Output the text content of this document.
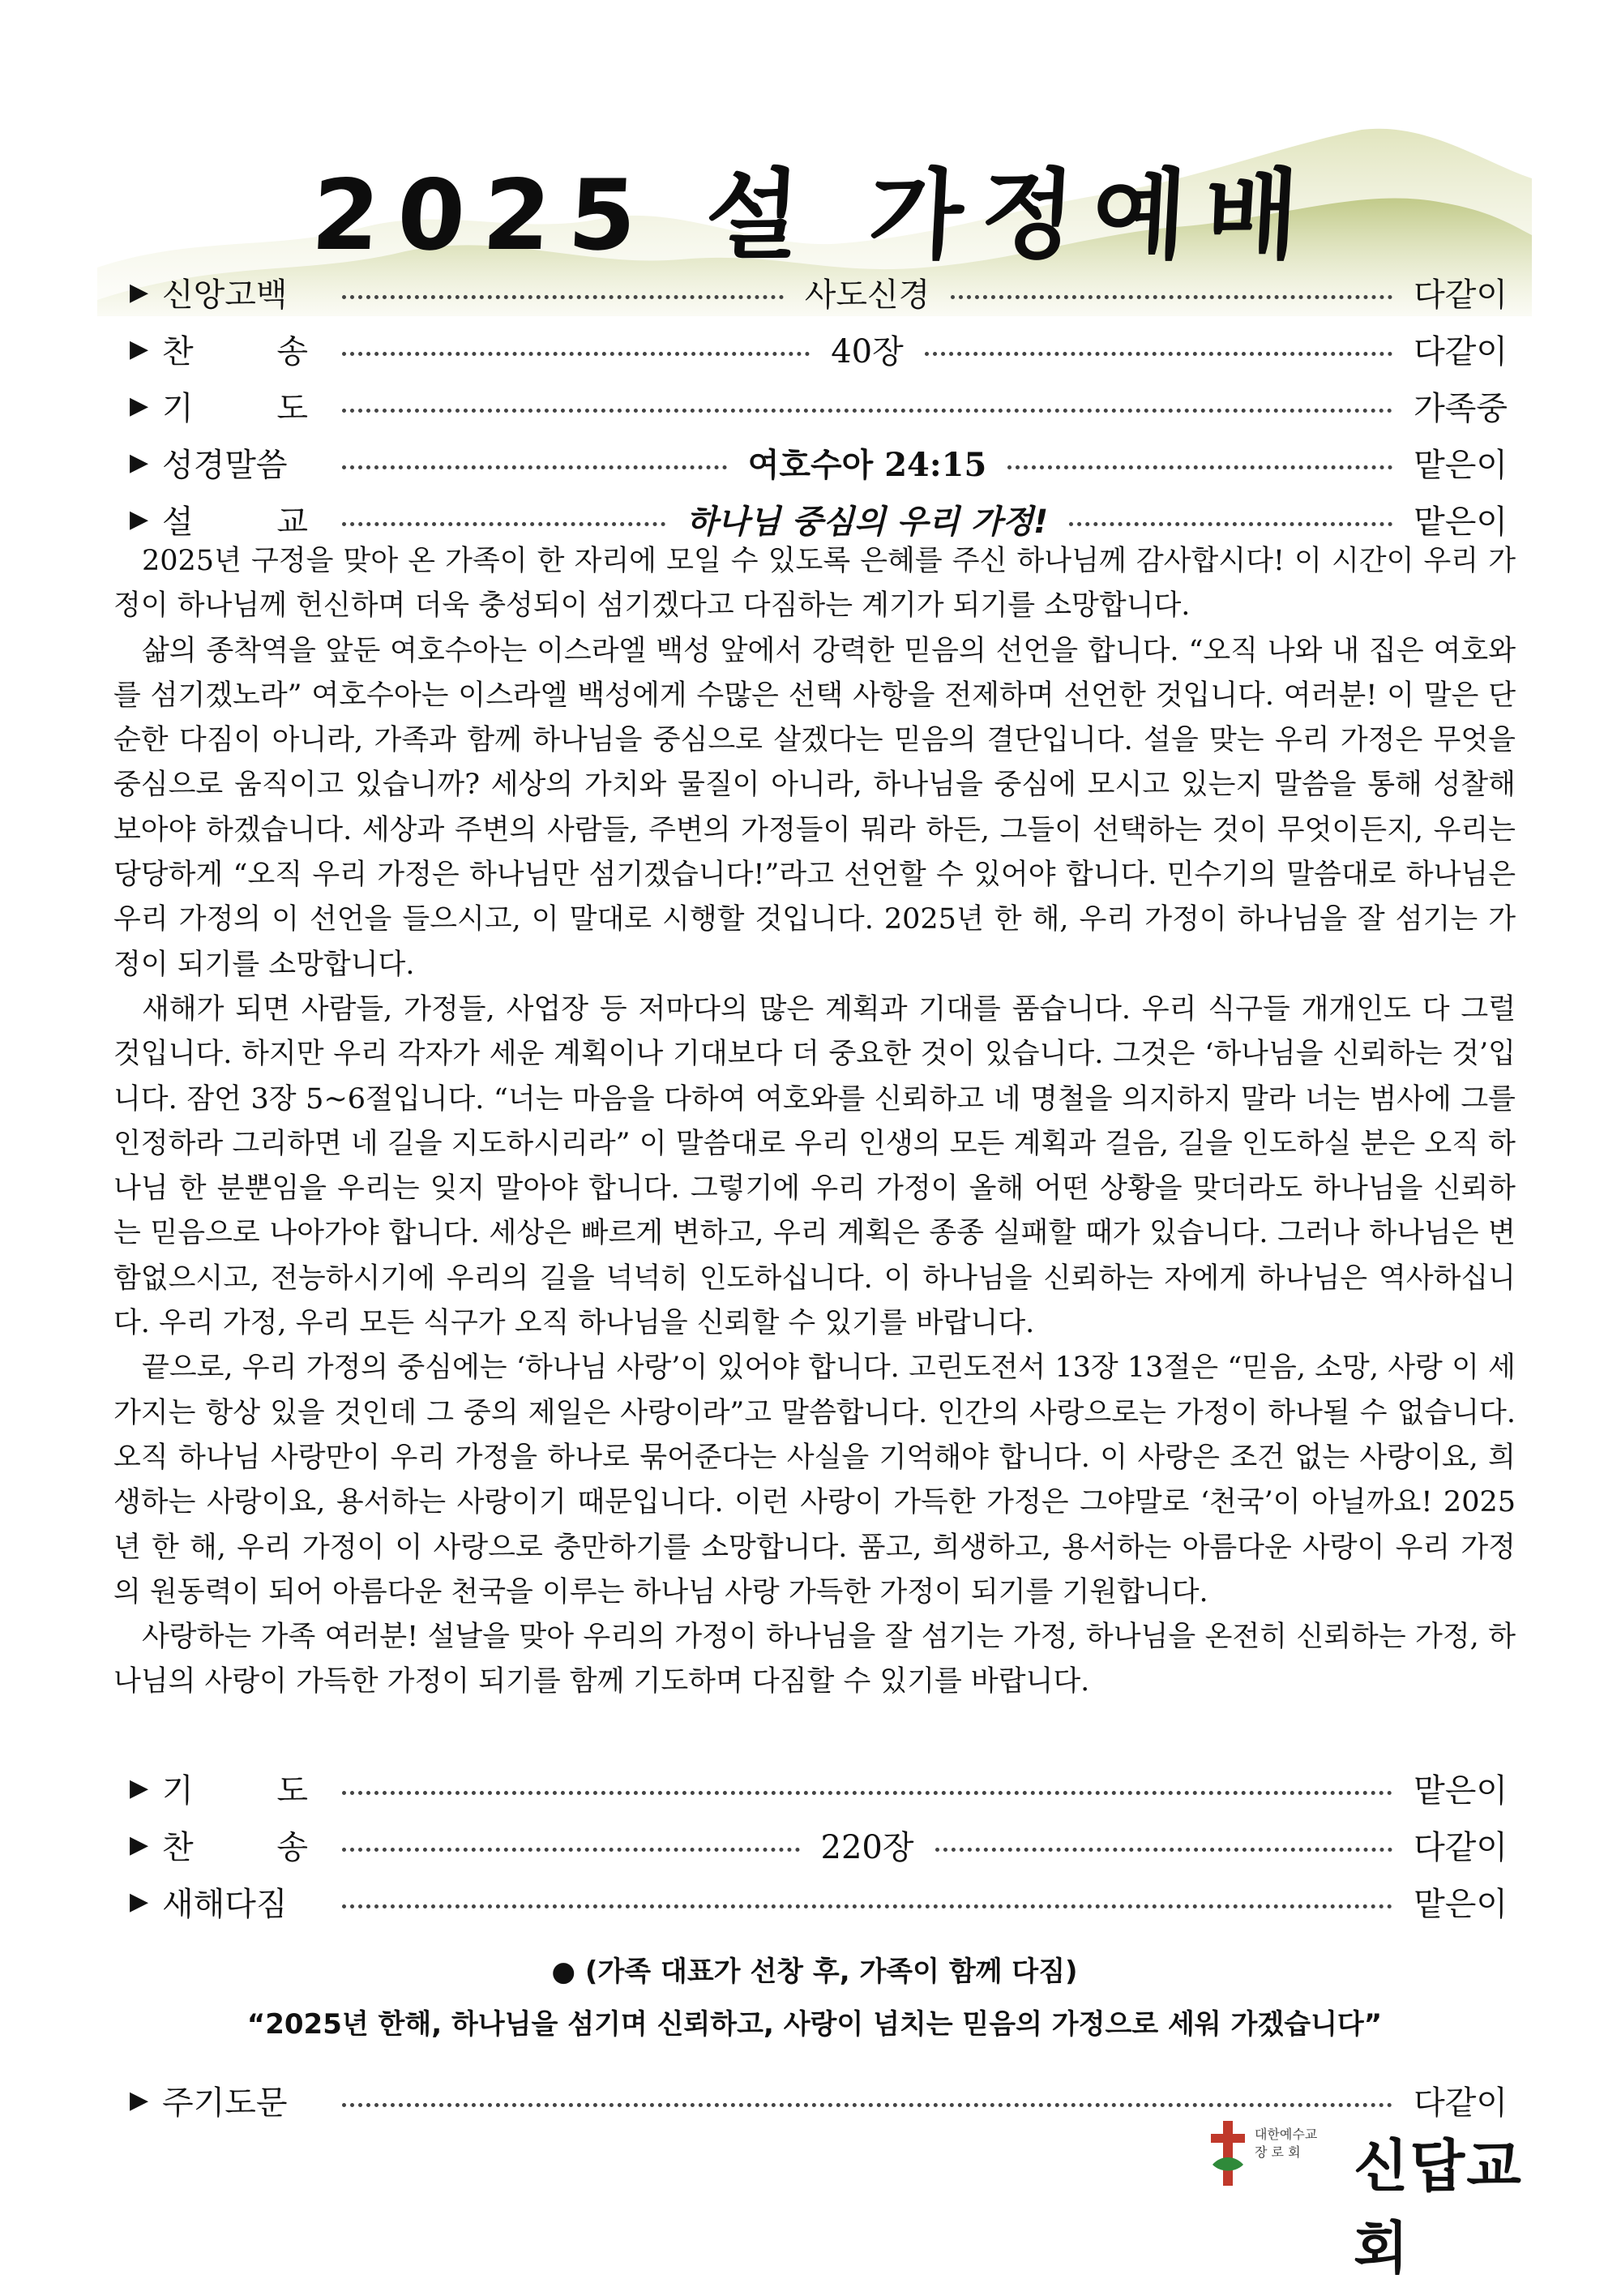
2025 설 가정예배
▶ 신앙고백	사도신경	다같이
▶ 찬	송	40장	다같이
▶ 기	도	가족중
▶ 성경말씀	여호수아 24:15	맡은이
▶ 설	교	하나님 중심의 우리 가정!	맡은이

2025년 구정을 맞아 온 가족이 한 자리에 모일 수 있도록 은혜를 주신 하나님께 감사합시다! 이 시간이 우리 가정이 하나님께 헌신하며 더욱 충성되이 섬기겠다고 다짐하는 계기가 되기를 소망합니다.

삶의 종착역을 앞둔 여호수아는 이스라엘 백성 앞에서 강력한 믿음의 선언을 합니다. “오직 나와 내 집은 여호와를 섬기겠노라” 여호수아는 이스라엘 백성에게 수많은 선택 사항을 전제하며 선언한 것입니다. 여러분! 이 말은 단순한 다짐이 아니라, 가족과 함께 하나님을 중심으로 살겠다는 믿음의 결단입니다. 설을 맞는 우리 가정은 무엇을 중심으로 움직이고 있습니까? 세상의 가치와 물질이 아니라, 하나님을 중심에 모시고 있는지 말씀을 통해 성찰해 보아야 하겠습니다. 세상과 주변의 사람들, 주변의 가정들이 뭐라 하든, 그들이 선택하는 것이 무엇이든지, 우리는 당당하게 “오직 우리 가정은 하나님만 섬기겠습니다!”라고 선언할 수 있어야 합니다. 민수기의 말씀대로 하나님은 우리 가정의 이 선언을 들으시고, 이 말대로 시행할 것입니다. 2025년 한 해, 우리 가정이 하나님을 잘 섬기는 가정이 되기를 소망합니다.

새해가 되면 사람들, 가정들, 사업장 등 저마다의 많은 계획과 기대를 품습니다. 우리 식구들 개개인도 다 그럴 것입니다. 하지만 우리 각자가 세운 계획이나 기대보다 더 중요한 것이 있습니다. 그것은 ‘하나님을 신뢰하는 것’입니다. 잠언 3장 5~6절입니다. “너는 마음을 다하여 여호와를 신뢰하고 네 명철을 의지하지 말라 너는 범사에 그를 인정하라 그리하면 네 길을 지도하시리라” 이 말씀대로 우리 인생의 모든 계획과 걸음, 길을 인도하실 분은 오직 하나님 한 분뿐임을 우리는 잊지 말아야 합니다. 그렇기에 우리 가정이 올해 어떤 상황을 맞더라도 하나님을 신뢰하는 믿음으로 나아가야 합니다. 세상은 빠르게 변하고, 우리 계획은 종종 실패할 때가 있습니다. 그러나 하나님은 변함없으시고, 전능하시기에 우리의 길을 넉넉히 인도하십니다. 이 하나님을 신뢰하는 자에게 하나님은 역사하십니다. 우리 가정, 우리 모든 식구가 오직 하나님을 신뢰할 수 있기를 바랍니다.

끝으로, 우리 가정의 중심에는 ‘하나님 사랑’이 있어야 합니다. 고린도전서 13장 13절은 “믿음, 소망, 사랑 이 세 가지는 항상 있을 것인데 그 중의 제일은 사랑이라”고 말씀합니다. 인간의 사랑으로는 가정이 하나될 수 없습니다. 오직 하나님 사랑만이 우리 가정을 하나로 묶어준다는 사실을 기억해야 합니다. 이 사랑은 조건 없는 사랑이요, 희생하는 사랑이요, 용서하는 사랑이기 때문입니다. 이런 사랑이 가득한 가정은 그야말로 ‘천국’이 아닐까요! 2025년 한 해, 우리 가정이 이 사랑으로 충만하기를 소망합니다. 품고, 희생하고, 용서하는 아름다운 사랑이 우리 가정의 원동력이 되어 아름다운 천국을 이루는 하나님 사랑 가득한 가정이 되기를 기원합니다.

사랑하는 가족 여러분! 설날을 맞아 우리의 가정이 하나님을 잘 섬기는 가정, 하나님을 온전히 신뢰하는 가정, 하나님의 사랑이 가득한 가정이 되기를 함께 기도하며 다짐할 수 있기를 바랍니다.

▶ 기	도	맡은이
▶ 찬	송	220장	다같이
▶ 새해다짐	맡은이
● (가족 대표가 선창 후, 가족이 함께 다짐)
“2025년 한해, 하나님을 섬기며 신뢰하고, 사랑이 넘치는 믿음의 가정으로 세워 가겠습니다”
▶ 주기도문	다같이
대한예수교
장 로 회 신답교회
